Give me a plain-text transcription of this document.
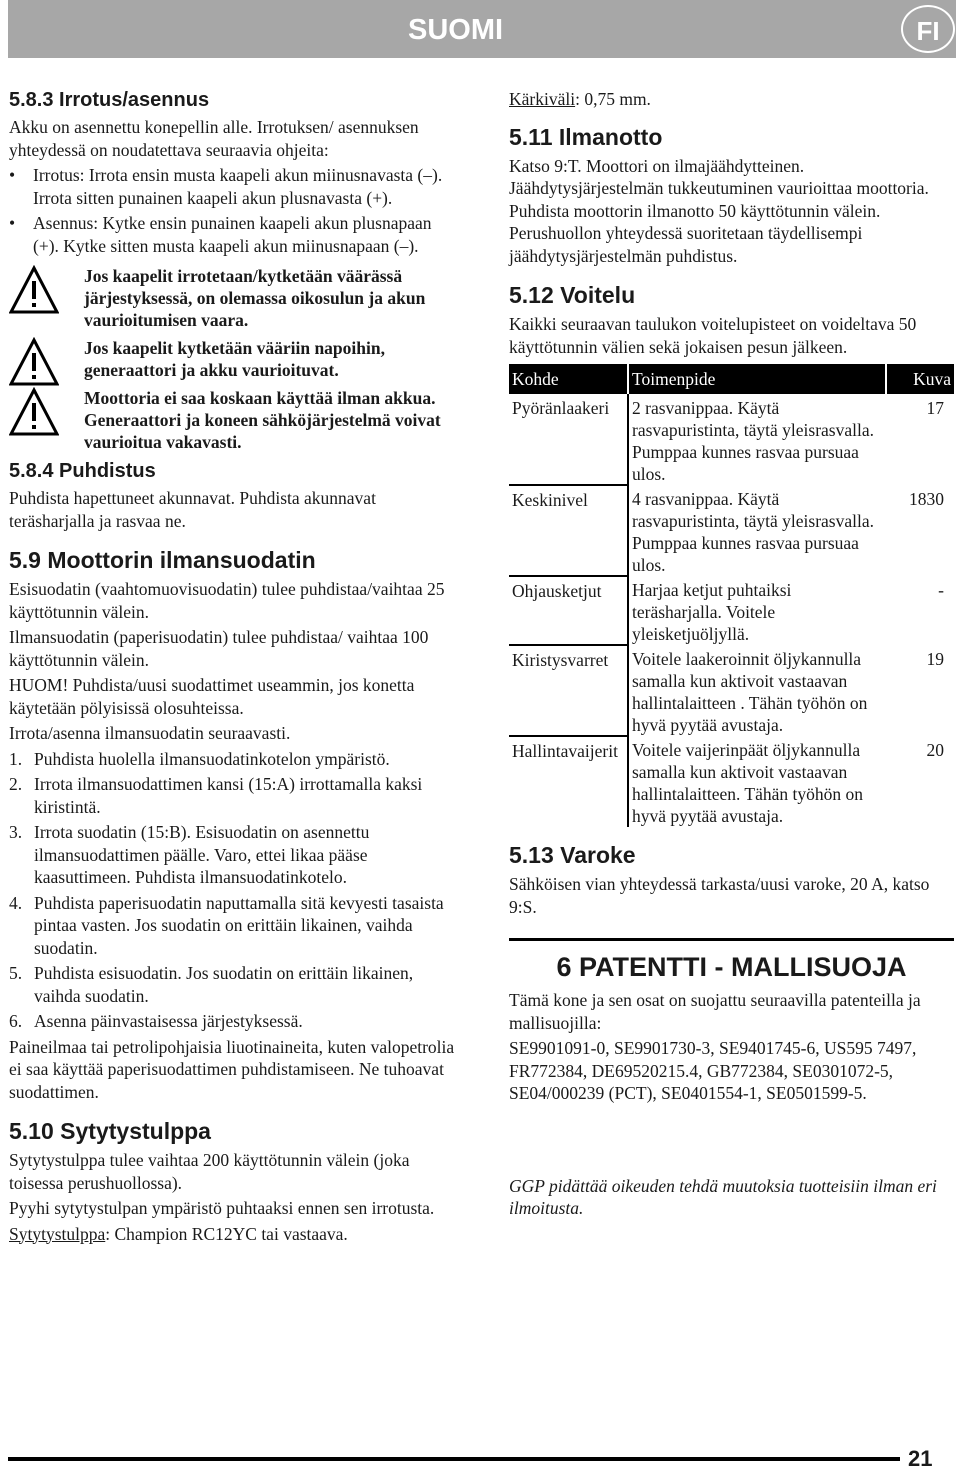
SUOMI	FI
5.8.3 Irrotus/asennus

Akku on asennettu konepellin alle. Irrotuksen/ asennuksen yhteydessä on noudatettava seuraavia ohjeita:

• Irrotus: Irrota ensin musta kaapeli akun miinusnavasta (–). Irrota sitten punainen kaapeli akun plusnavasta (+).
• Asennus: Kytke ensin punainen kaapeli akun plusnapaan (+). Kytke sitten musta kaapeli akun miinusnapaan (–).
Jos kaapelit irrotetaan/kytketään väärässä järjestyksessä, on olemassa oikosulun ja akun vaurioitumisen vaara.
Jos kaapelit kytketään vääriin napoihin, generaattori ja akku vaurioituvat.
Moottoria ei saa koskaan käyttää ilman akkua. Generaattori ja koneen sähköjärjestelmä voivat vaurioitua vakavasti.
5.8.4 Puhdistus

Puhdista hapettuneet akunnavat. Puhdista akunnavat teräsharjalla ja rasvaa ne.

5.9 Moottorin ilmansuodatin

Esisuodatin (vaahtomuovisuodatin) tulee puhdistaa/vaihtaa 25 käyttötunnin välein.

Ilmansuodatin (paperisuodatin) tulee puhdistaa/ vaihtaa 100 käyttötunnin välein.

HUOM! Puhdista/uusi suodattimet useammin, jos konetta käytetään pölyisissä olosuhteissa.

Irrota/asenna ilmansuodatin seuraavasti.

1. Puhdista huolella ilmansuodatinkotelon ympäristö.
2. Irrota ilmansuodattimen kansi (15:A) irrottamalla kaksi kiristintä.
3. Irrota suodatin (15:B). Esisuodatin on asennettu ilmansuodattimen päälle. Varo, ettei likaa pääse kaasuttimeen. Puhdista ilmansuodatinkotelo.
4. Puhdista paperisuodatin naputtamalla sitä kevyesti tasaista pintaa vasten. Jos suodatin on erittäin likainen, vaihda suodatin.
5. Puhdista esisuodatin. Jos suodatin on erittäin likainen, vaihda suodatin.
6. Asenna päinvastaisessa järjestyksessä.

Paineilmaa tai petrolipohjaisia liuotinaineita, kuten valopetrolia ei saa käyttää paperisuodattimen puhdistamiseen. Ne tuhoavat suodattimen.

5.10 Sytytystulppa

Sytytystulppa tulee vaihtaa 200 käyttötunnin välein (joka toisessa perushuollossa).

Pyyhi sytytystulpan ympäristö puhtaaksi ennen sen irrotusta.

Sytytystulppa: Champion RC12YC tai vastaava.

Kärkiväli: 0,75 mm.

5.11 Ilmanotto

Katso 9:T. Moottori on ilmajäähdytteinen. Jäähdytysjärjestelmän tukkeutuminen vaurioittaa moottoria. Puhdista moottorin ilmanotto 50 käyttötunnin välein. Perushuollon yhteydessä suoritetaan täydellisempi jäähdytysjärjestelmän puhdistus.

5.12 Voitelu

Kaikki seuraavan taulukon voitelupisteet on voideltava 50 käyttötunnin välien sekä jokaisen pesun jälkeen.

Kohde	Toimenpide	Kuva
Pyöränlaakeri	2 rasvanippaa. Käytä rasvapuristinta, täytä yleisrasvalla. Pumppaa kunnes rasvaa pursuaa ulos.	17
Keskinivel	4 rasvanippaa. Käytä rasvapuristinta, täytä yleisrasvalla. Pumppaa kunnes rasvaa pursuaa ulos.	1830
Ohjausketjut	Harjaa ketjut puhtaiksi teräsharjalla. Voitele yleisketjuöljyllä.	-
Kiristysvarret	Voitele laakeroinnit öljykannulla samalla kun aktivoit vastaavan hallintalaitteen . Tähän työhön on hyvä pyytää avustaja.	19
Hallintavaijerit	Voitele vaijerinpäät öljykannulla samalla kun aktivoit vastaavan hallintalaitteen. Tähän työhön on hyvä pyytää avustaja.	20
5.13 Varoke

Sähköisen vian yhteydessä tarkasta/uusi varoke, 20 A, katso 9:S.

6 PATENTTI - MALLISUOJA

Tämä kone ja sen osat on suojattu seuraavilla patenteilla ja mallisuojilla:

SE9901091-0, SE9901730-3, SE9401745-6, US595 7497, FR772384, DE69520215.4, GB772384, SE0301072-5, SE04/000239 (PCT), SE0401554-1, SE0501599-5.

GGP pidättää oikeuden tehdä muutoksia tuotteisiin ilman eri ilmoitusta.

21
